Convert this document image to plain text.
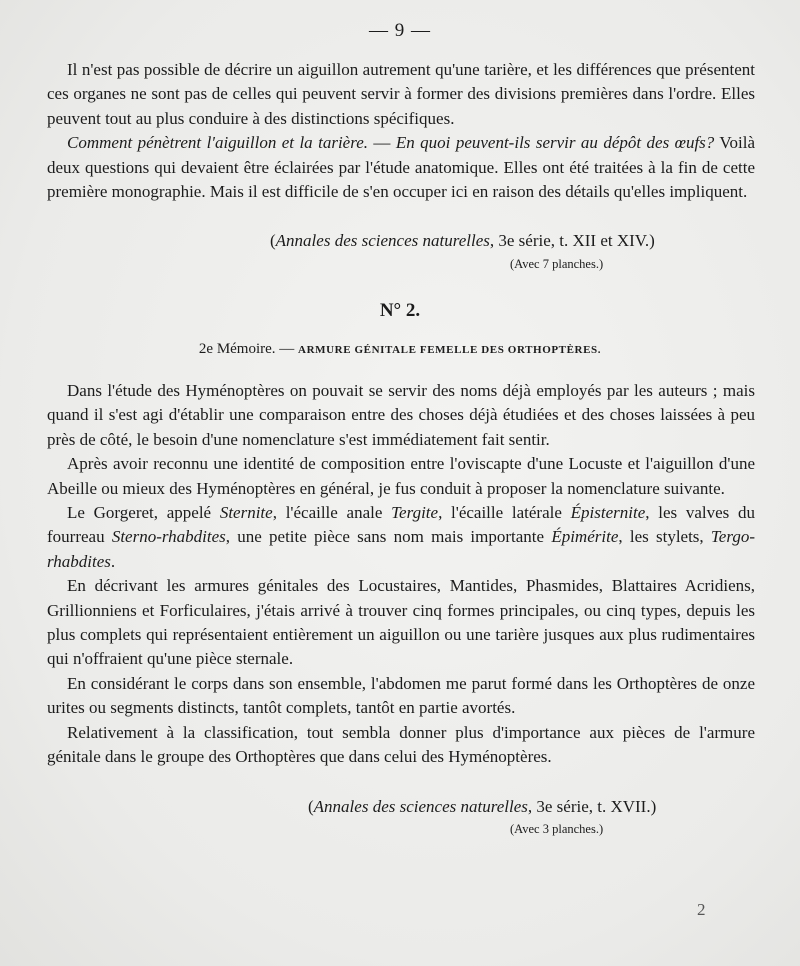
— 9 —

Il n'est pas possible de décrire un aiguillon autrement qu'une tarière, et les différences que présentent ces organes ne sont pas de celles qui peuvent servir à former des divisions premières dans l'ordre. Elles peuvent tout au plus conduire à des distinctions spécifiques.

Comment pénètrent l'aiguillon et la tarière. — En quoi peuvent-ils servir au dépôt des œufs? Voilà deux questions qui devaient être éclairées par l'étude anatomique. Elles ont été traitées à la fin de cette première monographie. Mais il est difficile de s'en occuper ici en raison des détails qu'elles impliquent.

(Annales des sciences naturelles, 3e série, t. XII et XIV.)
(Avec 7 planches.)
N° 2.
2e Mémoire. — ARMURE GÉNITALE FEMELLE DES ORTHOPTÈRES.

Dans l'étude des Hyménoptères on pouvait se servir des noms déjà employés par les auteurs ; mais quand il s'est agi d'établir une comparaison entre des choses déjà étudiées et des choses laissées à peu près de côté, le besoin d'une nomenclature s'est immédiatement fait sentir.

Après avoir reconnu une identité de composition entre l'oviscapte d'une Locuste et l'aiguillon d'une Abeille ou mieux des Hyménoptères en général, je fus conduit à proposer la nomenclature suivante.

Le Gorgeret, appelé Sternite, l'écaille anale Tergite, l'écaille latérale Épisternite, les valves du fourreau Sterno-rhabdites, une petite pièce sans nom mais importante Épimérite, les stylets, Tergo-rhabdites.

En décrivant les armures génitales des Locustaires, Mantides, Phasmides, Blattaires Acridiens, Grillionniens et Forficulaires, j'étais arrivé à trouver cinq formes principales, ou cinq types, depuis les plus complets qui représentaient entièrement un aiguillon ou une tarière jusques aux plus rudimentaires qui n'offraient qu'une pièce sternale.

En considérant le corps dans son ensemble, l'abdomen me parut formé dans les Orthoptères de onze urites ou segments distincts, tantôt complets, tantôt en partie avortés.

Relativement à la classification, tout sembla donner plus d'importance aux pièces de l'armure génitale dans le groupe des Orthoptères que dans celui des Hyménoptères.

(Annales des sciences naturelles, 3e série, t. XVII.)
(Avec 3 planches.)
2
